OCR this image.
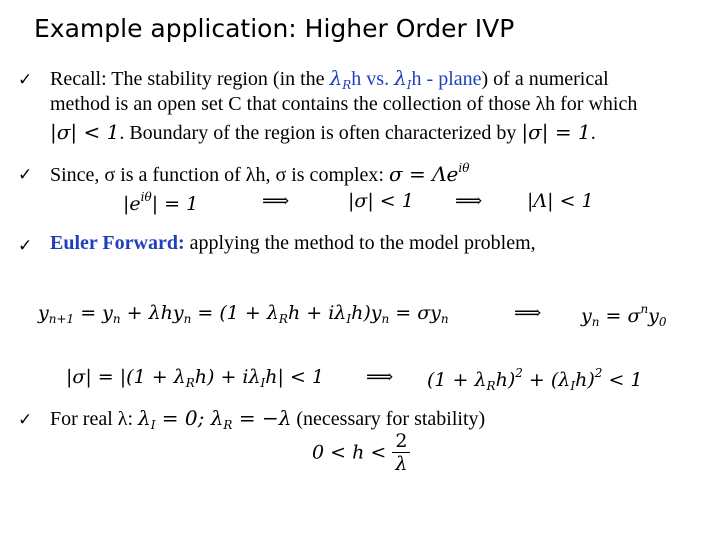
Example application: Higher Order IVP
✓ Recall: The stability region (in the $\lambda_Rh$ vs. $\lambda_Ih$ - plane) of a numerical
method is an open set C that contains the collection of those λh for which
|σ| < 1. Boundary of the region is often characterized by |σ| = 1.
✓ Since, σ is a function of λh, σ is complex: $\sigma = \Lambda e^{i\theta}$
$|e^{i\theta}| = 1$	⟹	|σ| < 1 ⟹ |Λ| < 1
✓ Euler Forward: applying the method to the model problem,
$y_{n+1} = y_n + \lambda hy_n = (1 + \lambda_Rh + i\lambda_Ih)y_n = \sigma y_n$	⟹ $y_n = \sigma^ny_0$
$|\sigma| = |(1 + \lambda_Rh) + i\lambda_Ih| < 1$ ⟹ $(1 + \lambda_Rh)^2 + (\lambda_Ih)^2 < 1$
✓ For real λ: $\lambda_I = 0$; $\lambda_R = -\lambda$ (necessary for stability)
$0 < h < \frac{2}{\lambda}$
